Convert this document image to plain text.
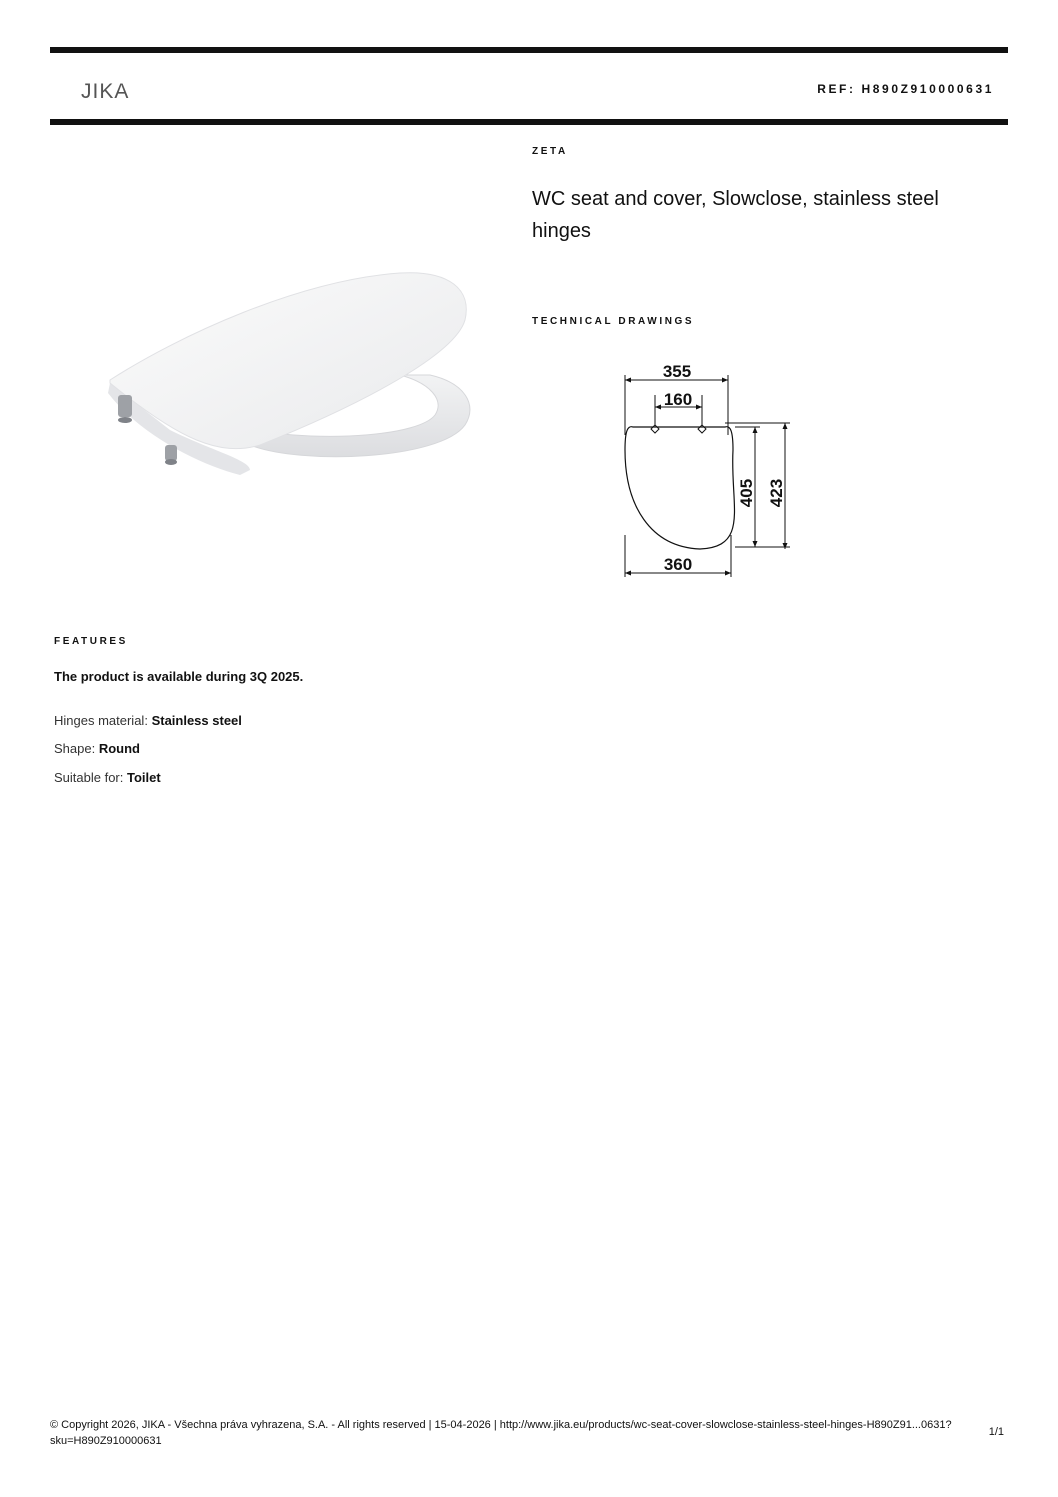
JIKA	REF: H890Z910000631
ZETA
WC seat and cover, Slowclose, stainless steel hinges
TECHNICAL DRAWINGS
355
160
360
405 423
FEATURES
The product is available during 3Q 2025.
Hinges material: Stainless steel
Shape: Round
Suitable for: Toilet
© Copyright 2026, JIKA - Všechna práva vyhrazena, S.A. - All rights reserved | 15-04-2026 | http://www.jika.eu/products/wc-seat-cover-slowclose-stainless-steel-hinges-H890Z91...0631?sku=H890Z910000631
1/1
